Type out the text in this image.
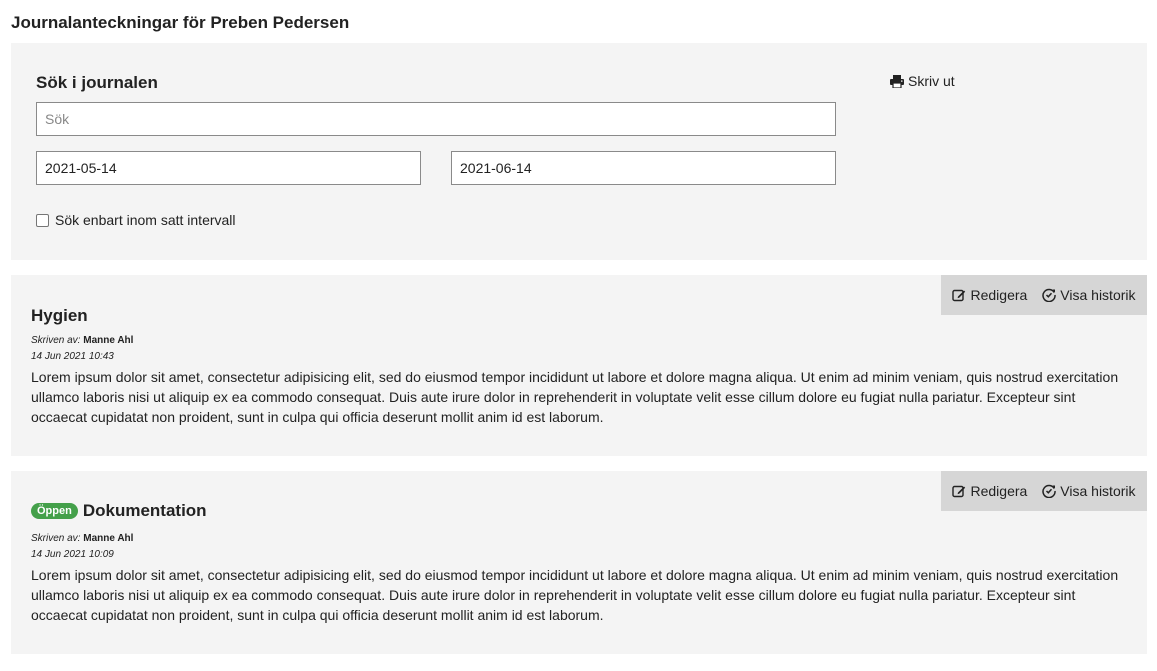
Journalanteckningar för Preben Pedersen
Sök i journalen	Skriv ut
Sök
2021-05-14
2021-06-14
Sök enbart inom satt intervall
Redigera Visa historik
Hygien
Skriven av: Manne Ahl
14 Jun 2021 10:43
Lorem ipsum dolor sit amet, consectetur adipisicing elit, sed do eiusmod tempor incididunt ut labore et dolore magna aliqua. Ut enim ad minim veniam, quis nostrud exercitation ullamco laboris nisi ut aliquip ex ea commodo consequat. Duis aute irure dolor in reprehenderit in voluptate velit esse cillum dolore eu fugiat nulla pariatur. Excepteur sint occaecat cupidatat non proident, sunt in culpa qui officia deserunt mollit anim id est laborum.
Redigera Visa historik
Öppen Dokumentation
Skriven av: Manne Ahl
14 Jun 2021 10:09
Lorem ipsum dolor sit amet, consectetur adipisicing elit, sed do eiusmod tempor incididunt ut labore et dolore magna aliqua. Ut enim ad minim veniam, quis nostrud exercitation ullamco laboris nisi ut aliquip ex ea commodo consequat. Duis aute irure dolor in reprehenderit in voluptate velit esse cillum dolore eu fugiat nulla pariatur. Excepteur sint occaecat cupidatat non proident, sunt in culpa qui officia deserunt mollit anim id est laborum.
